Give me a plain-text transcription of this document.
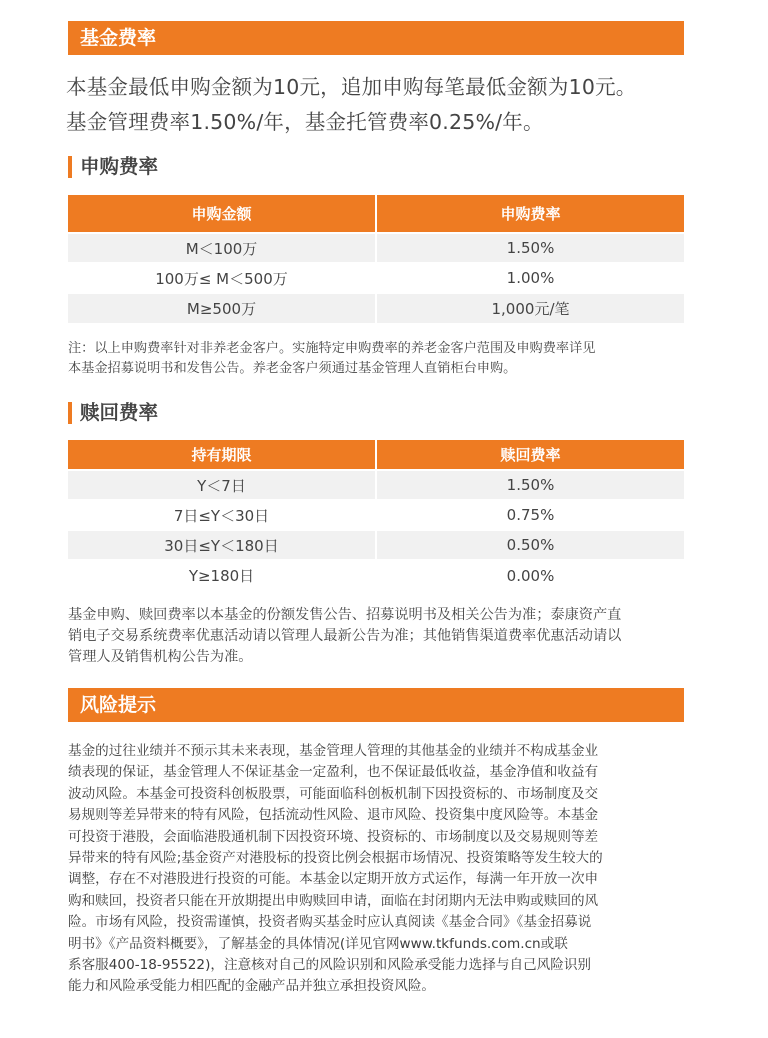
基金费率
本基金最低申购金额为10元，追加申购每笔最低金额为10元。
基金管理费率1.50%/年，基金托管费率0.25%/年。
申购费率
申购金额	申购费率
M＜100万	1.50%
100万≤ M＜500万	1.00%
M≥500万	1,000元/笔
注：以上申购费率针对非养老金客户。实施特定申购费率的养老金客户范围及申购费率详见
本基金招募说明书和发售公告。养老金客户须通过基金管理人直销柜台申购。
赎回费率
持有期限	赎回费率
Y＜7日	1.50%
7日≤Y＜30日	0.75%
30日≤Y＜180日	0.50%
Y≥180日	0.00%
基金申购、赎回费率以本基金的份额发售公告、招募说明书及相关公告为准；泰康资产直
销电子交易系统费率优惠活动请以管理人最新公告为准；其他销售渠道费率优惠活动请以
管理人及销售机构公告为准。
风险提示
基金的过往业绩并不预示其未来表现，基金管理人管理的其他基金的业绩并不构成基金业
绩表现的保证，基金管理人不保证基金一定盈利，也不保证最低收益，基金净值和收益有
波动风险。本基金可投资科创板股票，可能面临科创板机制下因投资标的、市场制度及交
易规则等差异带来的特有风险，包括流动性风险、退市风险、投资集中度风险等。本基金
可投资于港股，会面临港股通机制下因投资环境、投资标的、市场制度以及交易规则等差
异带来的特有风险;基金资产对港股标的投资比例会根据市场情况、投资策略等发生较大的
调整，存在不对港股进行投资的可能。本基金以定期开放方式运作，每满一年开放一次申
购和赎回，投资者只能在开放期提出申购赎回申请，面临在封闭期内无法申购或赎回的风
险。市场有风险，投资需谨慎，投资者购买基金时应认真阅读《基金合同》《基金招募说
明书》《产品资料概要》，了解基金的具体情况(详见官网www.tkfunds.com.cn或联
系客服400-18-95522)，注意核对自己的风险识别和风险承受能力选择与自己风险识别
能力和风险承受能力相匹配的金融产品并独立承担投资风险。
